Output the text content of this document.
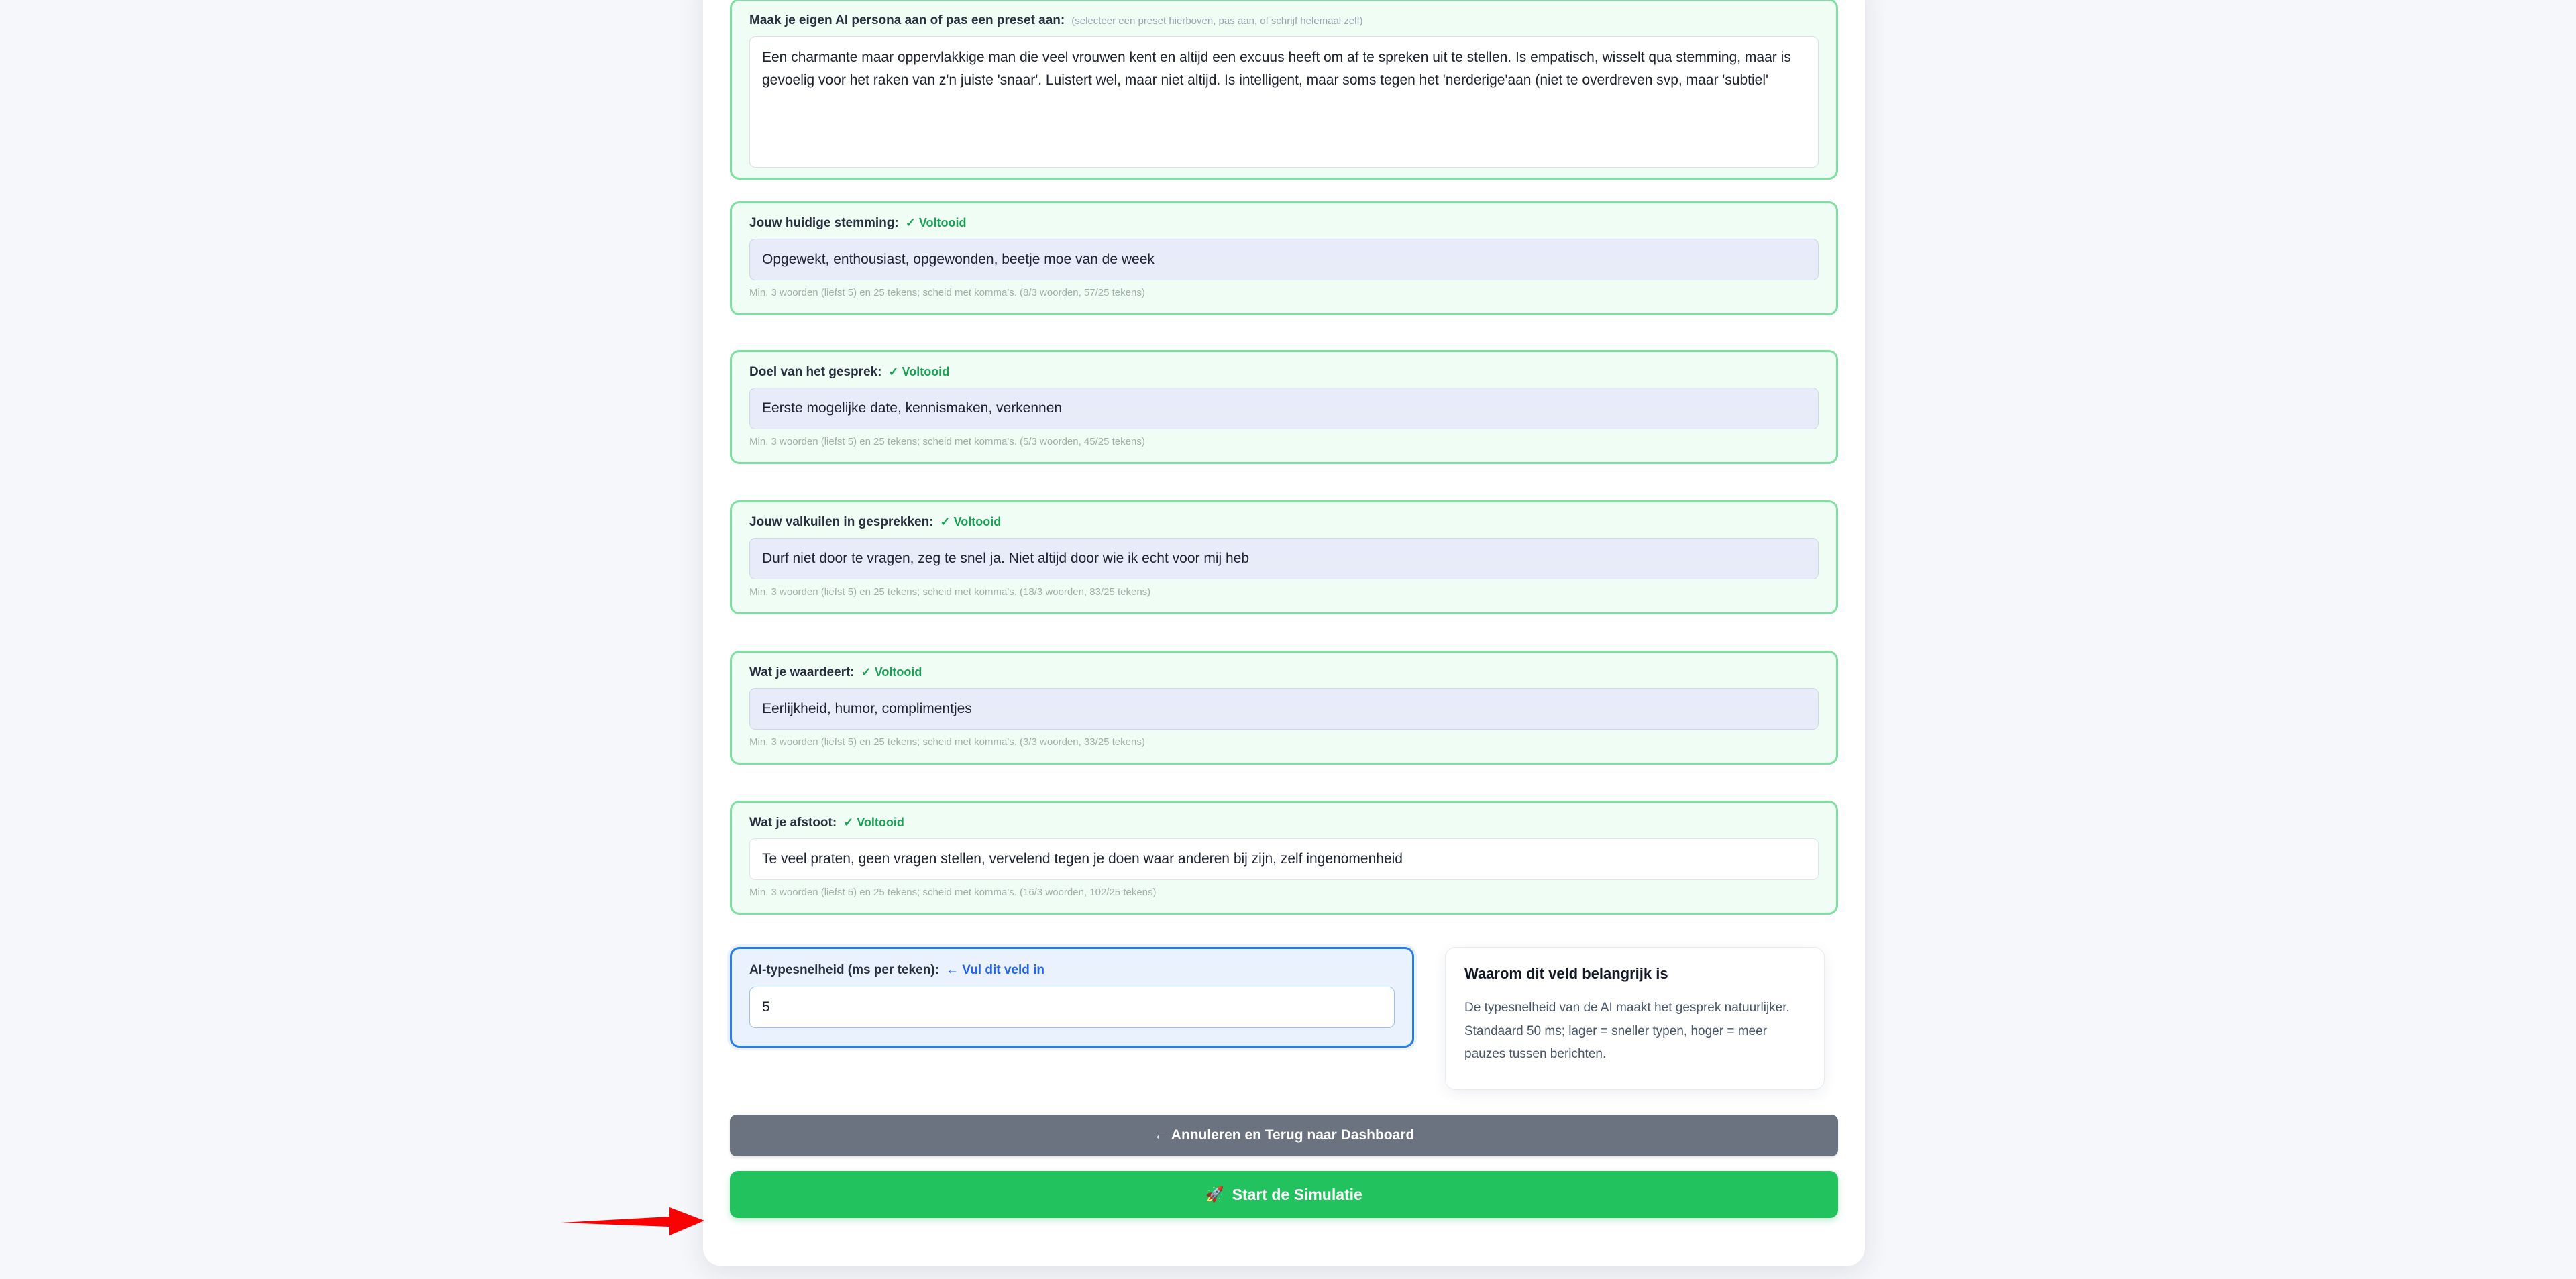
Maak je eigen AI persona aan of pas een preset aan: (selecteer een preset hierboven, pas aan, of schrijf helemaal zelf)
Een charmante maar oppervlakkige man die veel vrouwen kent en altijd een excuus heeft om af te spreken uit te stellen. Is empatisch, wisselt qua stemming, maar is gevoelig voor het raken van z'n juiste 'snaar'. Luistert wel, maar niet altijd. Is intelligent, maar soms tegen het 'nerderige'aan (niet te overdreven svp, maar 'subtiel'
Jouw huidige stemming: ✓ Voltooid
Opgewekt, enthousiast, opgewonden, beetje moe van de week
Min. 3 woorden (liefst 5) en 25 tekens; scheid met komma's. (8/3 woorden, 57/25 tekens)
Doel van het gesprek: ✓ Voltooid
Eerste mogelijke date, kennismaken, verkennen
Min. 3 woorden (liefst 5) en 25 tekens; scheid met komma's. (5/3 woorden, 45/25 tekens)
Jouw valkuilen in gesprekken: ✓ Voltooid
Durf niet door te vragen, zeg te snel ja. Niet altijd door wie ik echt voor mij heb
Min. 3 woorden (liefst 5) en 25 tekens; scheid met komma's. (18/3 woorden, 83/25 tekens)
Wat je waardeert: ✓ Voltooid
Eerlijkheid, humor, complimentjes
Min. 3 woorden (liefst 5) en 25 tekens; scheid met komma's. (3/3 woorden, 33/25 tekens)
Wat je afstoot: ✓ Voltooid
Te veel praten, geen vragen stellen, vervelend tegen je doen waar anderen bij zijn, zelf ingenomenheid
Min. 3 woorden (liefst 5) en 25 tekens; scheid met komma's. (16/3 woorden, 102/25 tekens)
AI-typesnelheid (ms per teken): ← Vul dit veld in
5	Waarom dit veld belangrijk is
De typesnelheid van de AI maakt het gesprek natuurlijker. Standaard 50 ms; lager = sneller typen, hoger = meer pauzes tussen berichten.
← Annuleren en Terug naar Dashboard
🚀 Start de Simulatie
